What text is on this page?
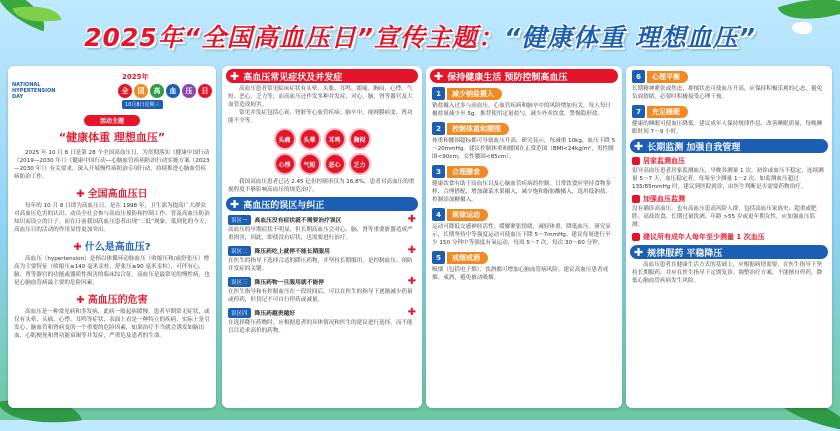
2025年“全国高血压日”宣传主题：“健康体重 理想血压”
NATIONAL HYPERTENSION DAY
2025年
全	国	高	血	压	日
10月8日星期三
活动主题
“健康体重 理想血压”

2025 年 10 月 8 日是第 28 个全国高血压日，为贯彻落实《健康中国行动（2019—2030 年）》《健康中国行动—心脑血管疾病防治行动实施方案（2023—2030 年）》有关要求，深入开展慢性病防治专项行动，持续推进心脑血管疾病防治工作。

✚ 全国高血压日

每年的 10 月 8 日即为高血压日，是在 1998 年，卫生部为提高广大群众对高血压危害的认识、动员全社会参与高血压预防和控制工作、普及高血压防治知识而设立的日子。而在日前我国高血压患者出现“三低”现象，低到化的今天，高血压日的活动的作用显得更加突出。

✚ 什么是高血压?

高血压（hypertension）是指以体循环动脉血压（收缩压和/或舒张压）增高为主要特征（收缩压≥140 毫米汞柱，舒张压≥90 毫米汞柱），可伴有心、脑、肾等器官的功能或器质性损害的临床综合征。高血压是最常见的慢性病，也是心脑血管病最主要的危险因素。

✚ 高血压的危害

高血压是一种常见病和多发病，此病一般起病缓慢，患者早期常无症状，或仅有头晕、头痛、心悸、耳鸣等症状，表面上看是一种特立的疾病，实际上是引发心、脑血管和肾病变的一个重要的危险因素，如果治疗不当就会诱发如脑出血、心肌梗死和肾功能衰竭等并发症，严重危及患者的生命。

✚ 高血压常见症状及并发症

高血压患者常见临床症状有头晕、头胀、耳鸣、眼痛、胸闷、心悸、气短、恶心、乏力等，而高血压还作发多种并发症，对心、脑、肾等器官及大血管造成损害。

常见并发症包括心衰、肾脏等心血管疾病；脑卒中、视网膜病变、肾功能不全等。

头痛	头晕	耳鸣	胸闷
心悸	气短	恶心	乏力

我国高血压患者已达 2.45 亿但控制率仅为 16.8%，患者对高血压的重视程度不够影响高血压的规范治疗。

✚ 高血压的误区与纠正
误区一	高血压没有症状就不需要治疗误区	✚

高血压的早期症状不明显，但长期高血压会对心、脑、肾等重要脏器造成严重损害，因此，即使没有症状，也需要进行治疗。

误区二	降压药吃上就停不能长期服用	✚

在医生的指导下选择合适的降压药物，并坚持长期服用，是控制血压、预防并发症的关键。

误区三	降压药物一旦服用就不能停	✚

在医生指导和有控制血压在一段时间后，可以在医生的指导下逐渐减少药量或停药，但切记不可自行停药或减量。

误区四	降压药越贵越好	✚

在选择降压药物时，应根据患者的具体情况和医生的建议进行选择，而不能盲目追求高价的药物。

✚ 保持健康生活 预防控制高血压
1	减少钠盐摄入

钠盐摄入过多与高血压、心血管疾病和脑卒中的风险增加有关。每人每日摄盐量减少至 5g。推荐使用定量盐勺，减少外卖饮食，警惕隐形盐。

2	控制体重和腰围

体重和腰围超标都可导致血压升高。研究显示，每减重 10kg，血压下降 5～20mmHg。建议控制体重和腰围在正常范围（BMI<24kg/m²，男性腰围<90cm，女性腰围<85cm）。

3	合理膳食

健康饮食有助于高血压以及心脑血管疾病的控制。日常饮食应坚持食物多样、合理搭配，增加蔬菜水果摄入，减少饱和脂肪酸摄入，选用低钠盐，控制添加糖摄入。

4	规律运动

运动可降低交感神经活性，缓解紧张情绪，减轻体重，降低血压。研究显示，长期坚持中等强度运动可使血压下降 5～7mmHg。建议每周进行至少 150 分钟中等强度有氧运动，每周 5～7 次，每次 30～60 分钟。

5	戒烟戒酒

吸烟（包括电子烟）、饮酒都可增加心脑血管病风险。建议高血压患者戒烟、戒酒，避免被动吸烟。

6	心理平衡

长期精神紧张或焦虑、抑郁状态可使血压升高，应保持积极乐观的心态，避免负面情绪，必要时积极接受心理干预。

7	充足睡眠

健康的睡眠可使血压降低。建议成年人保持规律作息，改善睡眠质量，每晚睡眠时间 7～9 小时。

✚ 长期监测 加强自我管理
居家监测血压

倡导高血压患者居家监测血压，早晚各测量 1 次。初诊或血压不稳定，连续测量 5～7 天，血压稳定者，每周至少测量 1～2 次。如监测血压超过 135/85mmHg 时，建议到医院就诊，由医生判断是否需要药物治疗。

加强血压监测

没有确诊高血压，也有高血压患高风险人群，包括高血压家族史、超重或肥胖、高盐饮食、长期过量饮酒、年龄 >55 岁或更年期女性，应加强血压监测。

建议所有成年人每年至少测量 1 次血压
✚ 规律服药 平稳降压

高血压患者在健康生活方式的基础上，应根据病情需要，在医生指导下坚持长期服药，并应在医生指导下定期复诊，调整治疗方案，不能擅自停药，降低心脑血管疾病发生风险。
